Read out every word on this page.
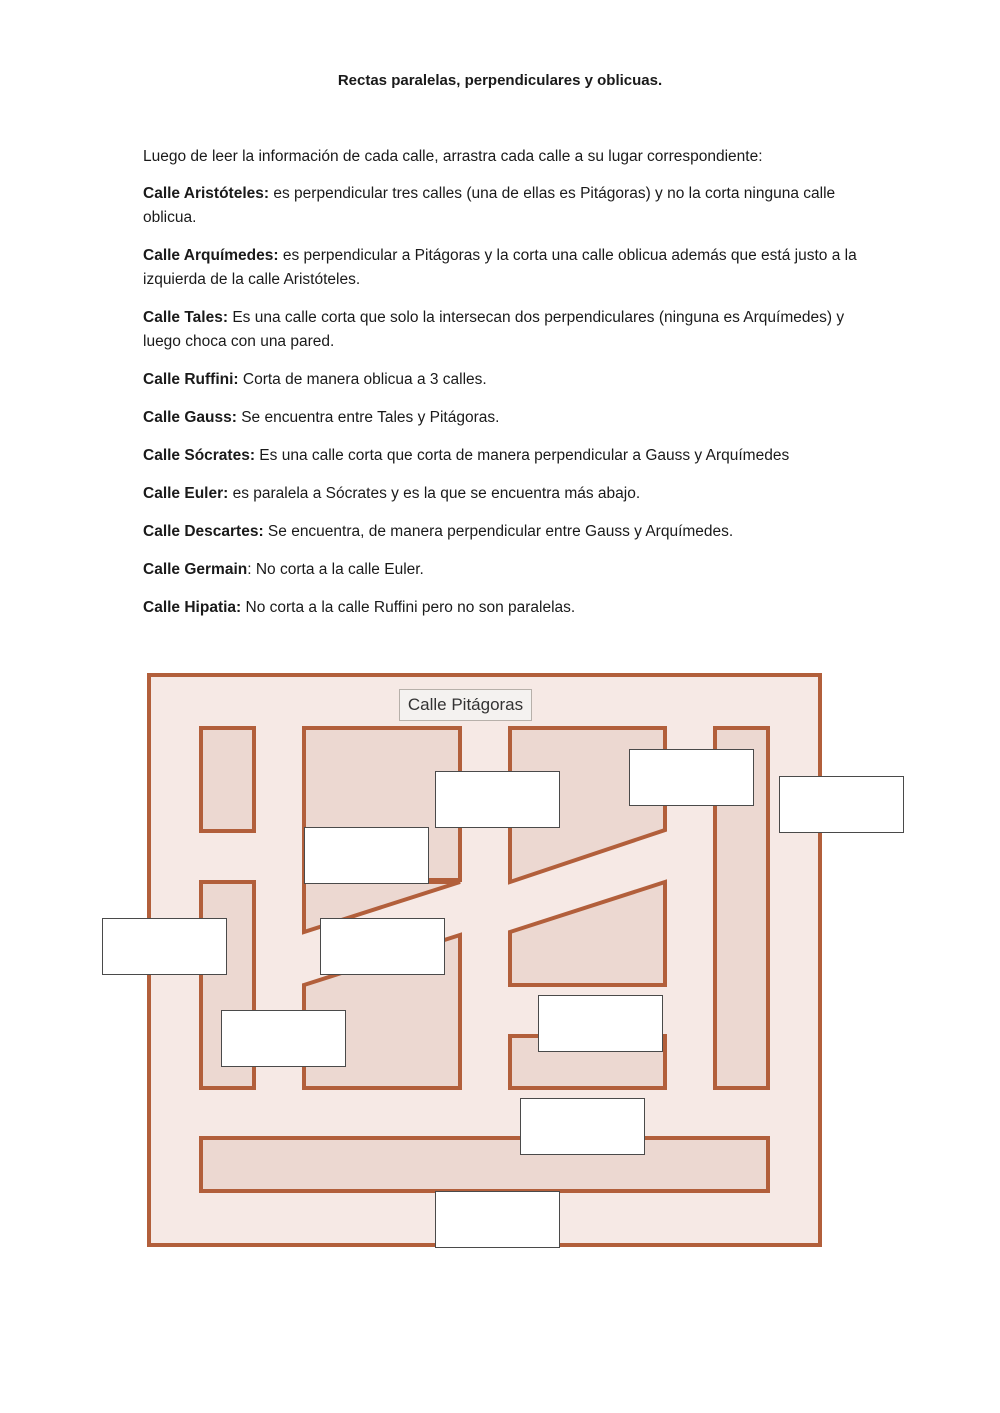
Rectas paralelas, perpendiculares y oblicuas.

Luego de leer la información de cada calle, arrastra cada calle a su lugar correspondiente:

Calle Aristóteles: es perpendicular tres calles (una de ellas es Pitágoras) y no la corta ninguna calle oblicua.

Calle Arquímedes: es perpendicular a Pitágoras y la corta una calle oblicua además que está justo a la izquierda de la calle Aristóteles.

Calle Tales: Es una calle corta que solo la intersecan dos perpendiculares (ninguna es Arquímedes) y luego choca con una pared.

Calle Ruffini: Corta de manera oblicua a 3 calles.

Calle Gauss: Se encuentra entre Tales y Pitágoras.

Calle Sócrates: Es una calle corta que corta de manera perpendicular a Gauss y Arquímedes

Calle Euler: es paralela a Sócrates y es la que se encuentra más abajo.

Calle Descartes: Se encuentra, de manera perpendicular entre Gauss y Arquímedes.

Calle Germain: No corta a la calle Euler.

Calle Hipatia: No corta a la calle Ruffini pero no son paralelas.

Calle Pitágoras
